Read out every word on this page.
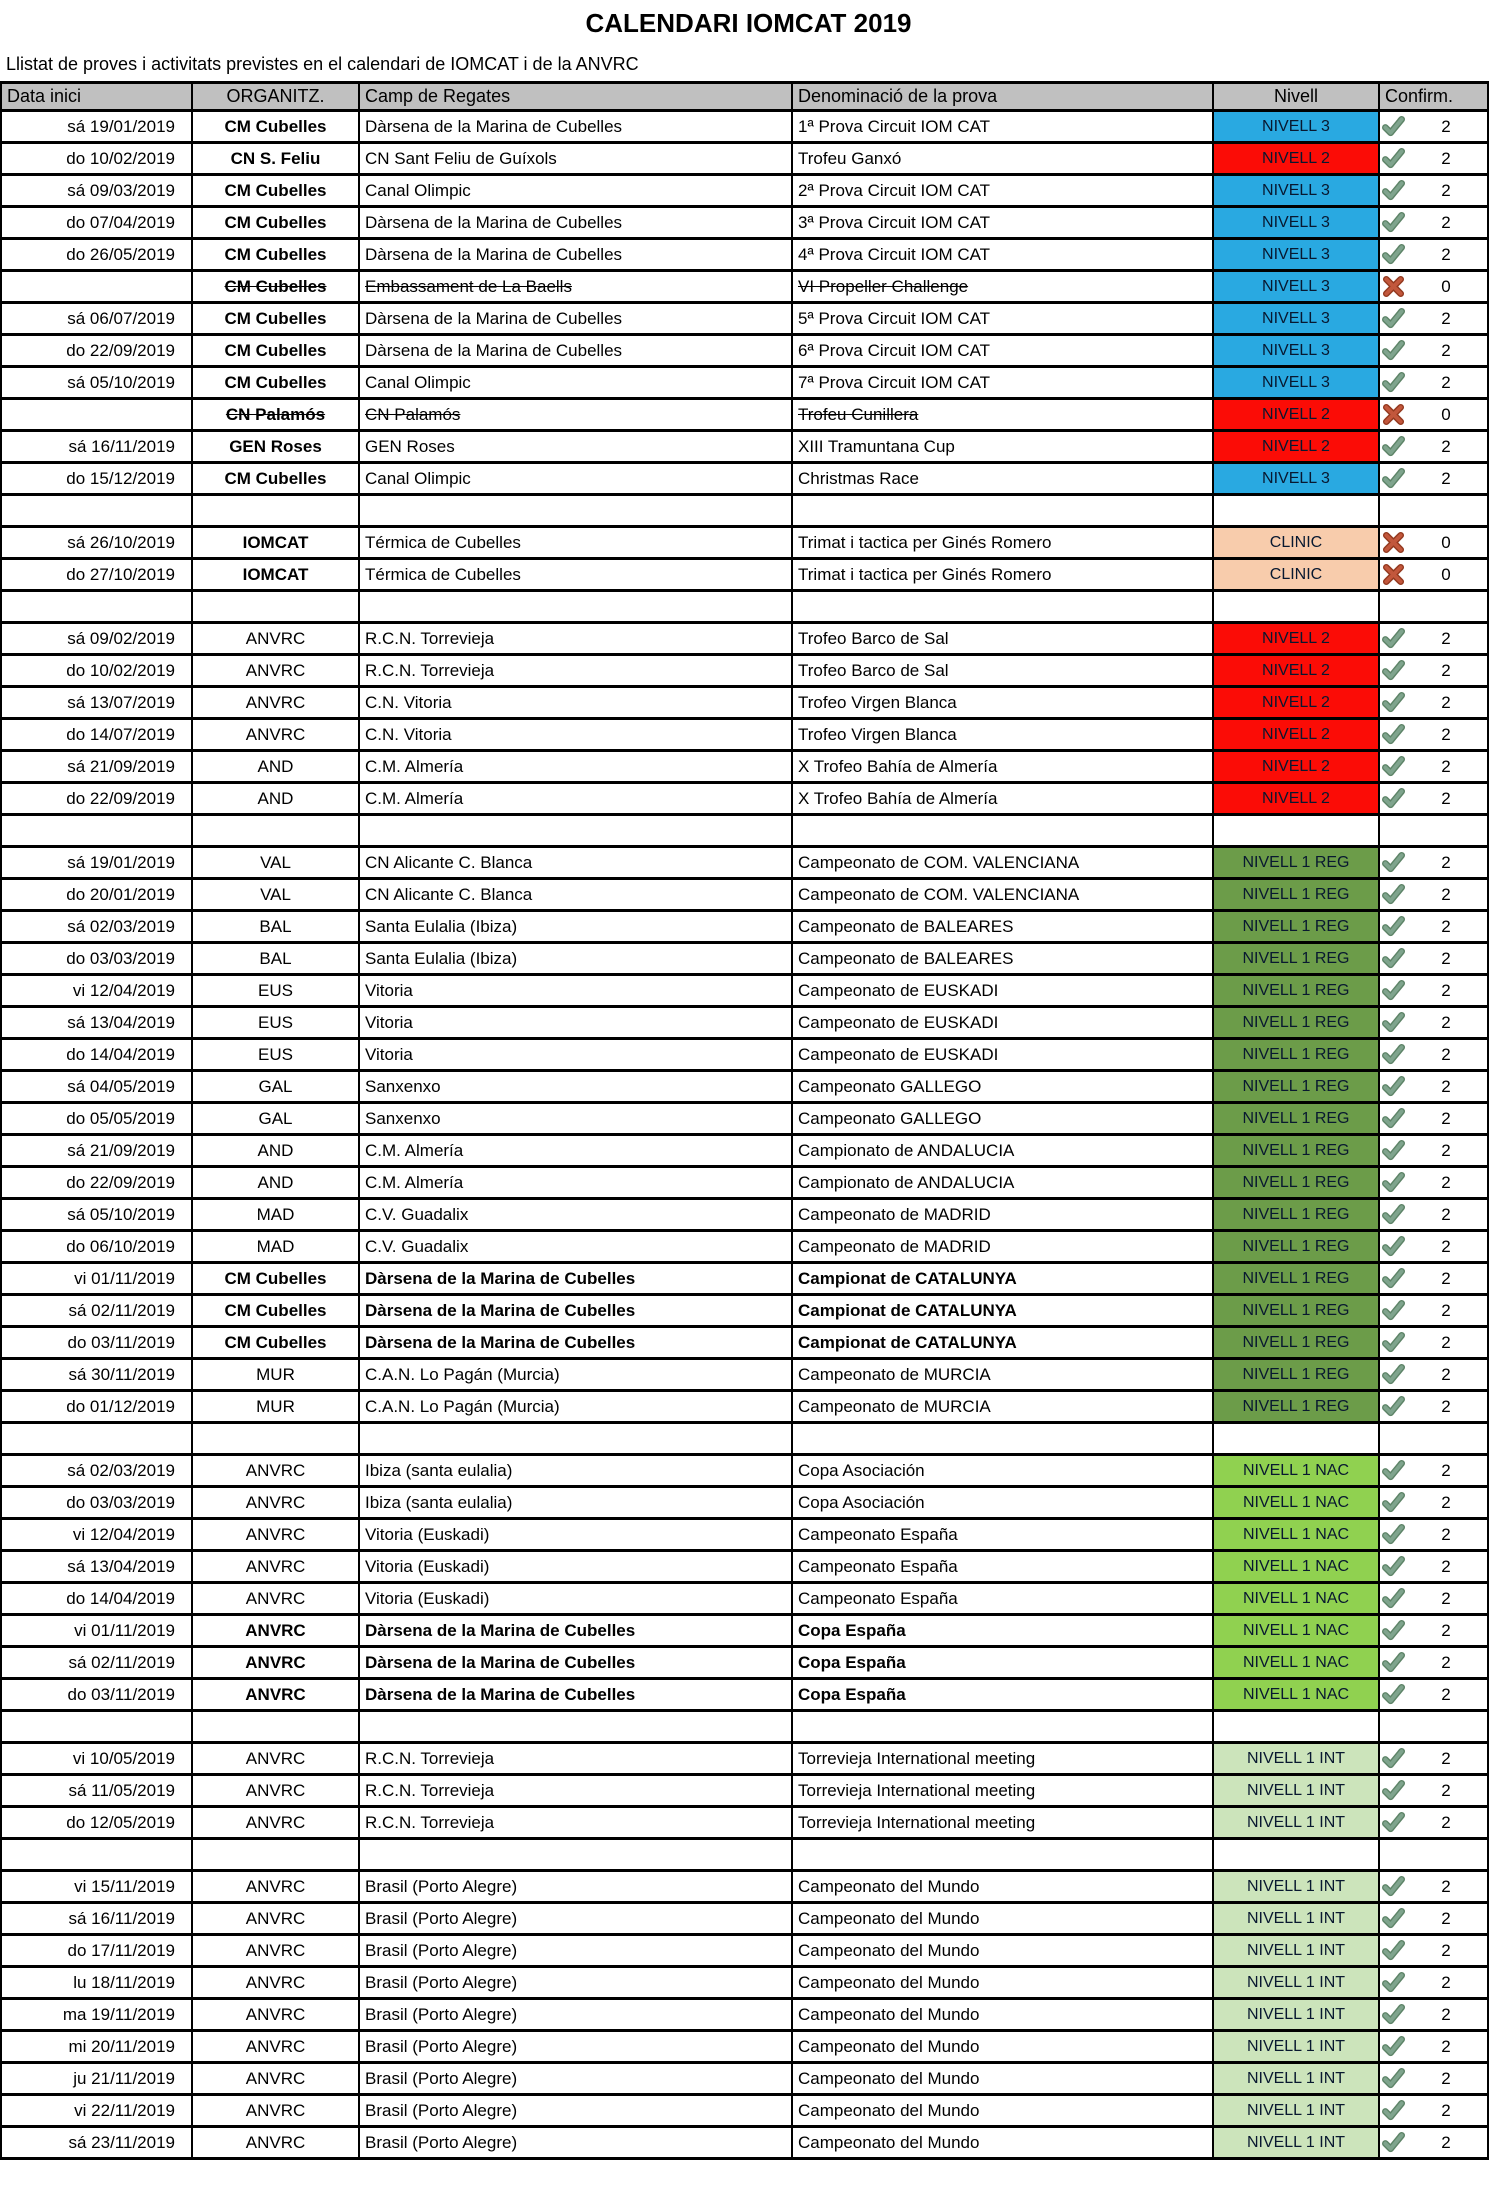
CALENDARI IOMCAT 2019
Llistat de proves i activitats previstes en el calendari de IOMCAT i de la ANVRC
Data inici	ORGANITZ.	Camp de Regates	Denominació de la prova	Nivell	Confirm.
sá 19/01/2019	CM Cubelles	Dàrsena de la Marina de Cubelles	1ª Prova Circuit IOM CAT	NIVELL 3	2

do 10/02/2019	CN S. Feliu	CN Sant Feliu de Guíxols	Trofeu Ganxó	NIVELL 2	2

sá 09/03/2019	CM Cubelles	Canal Olimpic	2ª Prova Circuit IOM CAT	NIVELL 3	2

do 07/04/2019	CM Cubelles	Dàrsena de la Marina de Cubelles	3ª Prova Circuit IOM CAT	NIVELL 3	2

do 26/05/2019	CM Cubelles	Dàrsena de la Marina de Cubelles	4ª Prova Circuit IOM CAT	NIVELL 3	2

	CM Cubelles	Embassament de La Baells	VI Propeller Challenge	NIVELL 3	0

sá 06/07/2019	CM Cubelles	Dàrsena de la Marina de Cubelles	5ª Prova Circuit IOM CAT	NIVELL 3	2

do 22/09/2019	CM Cubelles	Dàrsena de la Marina de Cubelles	6ª Prova Circuit IOM CAT	NIVELL 3	2

sá 05/10/2019	CM Cubelles	Canal Olimpic	7ª Prova Circuit IOM CAT	NIVELL 3	2

	CN Palamós	CN Palamós	Trofeu Cunillera	NIVELL 2	0

sá 16/11/2019	GEN Roses	GEN Roses	XIII Tramuntana Cup	NIVELL 2	2

do 15/12/2019	CM Cubelles	Canal Olimpic	Christmas Race	NIVELL 3	2

sá 26/10/2019	IOMCAT	Térmica de Cubelles	Trimat i tactica per Ginés Romero	CLINIC	0

do 27/10/2019	IOMCAT	Térmica de Cubelles	Trimat i tactica per Ginés Romero	CLINIC	0

sá 09/02/2019	ANVRC	R.C.N. Torrevieja	Trofeo Barco de Sal	NIVELL 2	2

do 10/02/2019	ANVRC	R.C.N. Torrevieja	Trofeo Barco de Sal	NIVELL 2	2

sá 13/07/2019	ANVRC	C.N. Vitoria	Trofeo Virgen Blanca	NIVELL 2	2

do 14/07/2019	ANVRC	C.N. Vitoria	Trofeo Virgen Blanca	NIVELL 2	2

sá 21/09/2019	AND	C.M. Almería	X Trofeo Bahía de Almería	NIVELL 2	2

do 22/09/2019	AND	C.M. Almería	X Trofeo Bahía de Almería	NIVELL 2	2

sá 19/01/2019	VAL	CN Alicante C. Blanca	Campeonato de COM. VALENCIANA	NIVELL 1 REG	2

do 20/01/2019	VAL	CN Alicante C. Blanca	Campeonato de COM. VALENCIANA	NIVELL 1 REG	2

sá 02/03/2019	BAL	Santa Eulalia (Ibiza)	Campeonato de BALEARES	NIVELL 1 REG	2

do 03/03/2019	BAL	Santa Eulalia (Ibiza)	Campeonato de BALEARES	NIVELL 1 REG	2

vi 12/04/2019	EUS	Vitoria	Campeonato de EUSKADI	NIVELL 1 REG	2

sá 13/04/2019	EUS	Vitoria	Campeonato de EUSKADI	NIVELL 1 REG	2

do 14/04/2019	EUS	Vitoria	Campeonato de EUSKADI	NIVELL 1 REG	2

sá 04/05/2019	GAL	Sanxenxo	Campeonato GALLEGO	NIVELL 1 REG	2

do 05/05/2019	GAL	Sanxenxo	Campeonato GALLEGO	NIVELL 1 REG	2

sá 21/09/2019	AND	C.M. Almería	Campionato de ANDALUCIA	NIVELL 1 REG	2

do 22/09/2019	AND	C.M. Almería	Campionato de ANDALUCIA	NIVELL 1 REG	2

sá 05/10/2019	MAD	C.V. Guadalix	Campeonato de MADRID	NIVELL 1 REG	2

do 06/10/2019	MAD	C.V. Guadalix	Campeonato de MADRID	NIVELL 1 REG	2

vi 01/11/2019	CM Cubelles	Dàrsena de la Marina de Cubelles	Campionat de CATALUNYA	NIVELL 1 REG	2

sá 02/11/2019	CM Cubelles	Dàrsena de la Marina de Cubelles	Campionat de CATALUNYA	NIVELL 1 REG	2

do 03/11/2019	CM Cubelles	Dàrsena de la Marina de Cubelles	Campionat de CATALUNYA	NIVELL 1 REG	2

sá 30/11/2019	MUR	C.A.N. Lo Pagán (Murcia)	Campeonato de MURCIA	NIVELL 1 REG	2

do 01/12/2019	MUR	C.A.N. Lo Pagán (Murcia)	Campeonato de MURCIA	NIVELL 1 REG	2

sá 02/03/2019	ANVRC	Ibiza (santa eulalia)	Copa Asociación	NIVELL 1 NAC	2

do 03/03/2019	ANVRC	Ibiza (santa eulalia)	Copa Asociación	NIVELL 1 NAC	2

vi 12/04/2019	ANVRC	Vitoria (Euskadi)	Campeonato España	NIVELL 1 NAC	2

sá 13/04/2019	ANVRC	Vitoria (Euskadi)	Campeonato España	NIVELL 1 NAC	2

do 14/04/2019	ANVRC	Vitoria (Euskadi)	Campeonato España	NIVELL 1 NAC	2

vi 01/11/2019	ANVRC	Dàrsena de la Marina de Cubelles	Copa España	NIVELL 1 NAC	2

sá 02/11/2019	ANVRC	Dàrsena de la Marina de Cubelles	Copa España	NIVELL 1 NAC	2

do 03/11/2019	ANVRC	Dàrsena de la Marina de Cubelles	Copa España	NIVELL 1 NAC	2

vi 10/05/2019	ANVRC	R.C.N. Torrevieja	Torrevieja International meeting	NIVELL 1 INT	2

sá 11/05/2019	ANVRC	R.C.N. Torrevieja	Torrevieja International meeting	NIVELL 1 INT	2

do 12/05/2019	ANVRC	R.C.N. Torrevieja	Torrevieja International meeting	NIVELL 1 INT	2

vi 15/11/2019	ANVRC	Brasil (Porto Alegre)	Campeonato del Mundo	NIVELL 1 INT	2

sá 16/11/2019	ANVRC	Brasil (Porto Alegre)	Campeonato del Mundo	NIVELL 1 INT	2

do 17/11/2019	ANVRC	Brasil (Porto Alegre)	Campeonato del Mundo	NIVELL 1 INT	2

lu 18/11/2019	ANVRC	Brasil (Porto Alegre)	Campeonato del Mundo	NIVELL 1 INT	2

ma 19/11/2019	ANVRC	Brasil (Porto Alegre)	Campeonato del Mundo	NIVELL 1 INT	2

mi 20/11/2019	ANVRC	Brasil (Porto Alegre)	Campeonato del Mundo	NIVELL 1 INT	2

ju 21/11/2019	ANVRC	Brasil (Porto Alegre)	Campeonato del Mundo	NIVELL 1 INT	2

vi 22/11/2019	ANVRC	Brasil (Porto Alegre)	Campeonato del Mundo	NIVELL 1 INT	2

sá 23/11/2019	ANVRC	Brasil (Porto Alegre)	Campeonato del Mundo	NIVELL 1 INT	2
